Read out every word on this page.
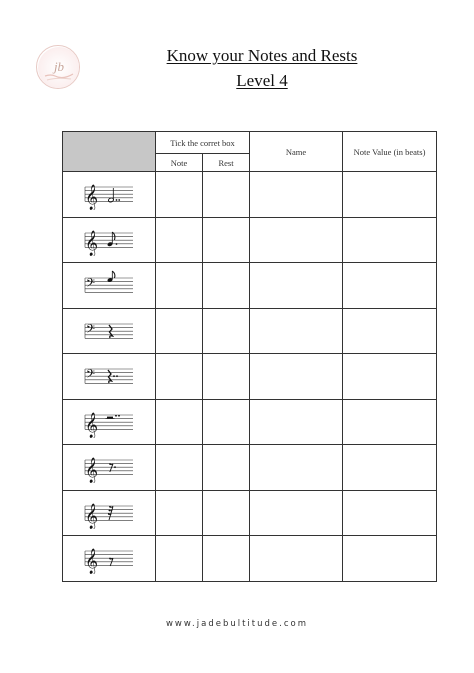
jb
Know your Notes and Rests
Level 4
	Tick the corret box		Name	Note Value (in beats)
	Note	Rest		

𝄞				

𝄞				

𝄢				

𝄢				

𝄢				

𝄞				

𝄞				

𝄞				

𝄞				

www.jadebultitude.com
